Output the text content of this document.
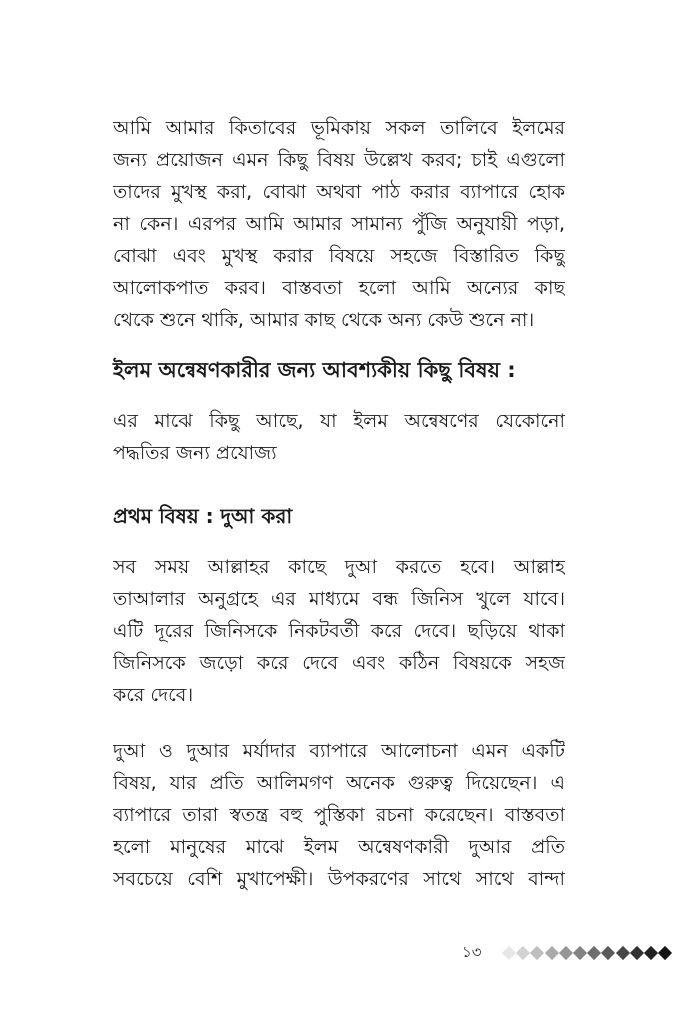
আমি আমার কিতাবের ভূমিকায় সকল তালিবে ইলমের
জন্য প্রয়োজন এমন কিছু বিষয় উল্লেখ করব; চাই এগুলো
তাদের মুখস্থ করা, বোঝা অথবা পাঠ করার ব্যাপারে হোক
না কেন। এরপর আমি আমার সামান্য পুঁজি অনুযায়ী পড়া,
বোঝা এবং মুখস্থ করার বিষয়ে সহজে বিস্তারিত কিছু
আলোকপাত করব। বাস্তবতা হলো আমি অন্যের কাছ
থেকে শুনে থাকি, আমার কাছ থেকে অন্য কেউ শুনে না।
ইলম অন্বেষণকারীর জন্য আবশ্যকীয় কিছু বিষয় :
এর মাঝে কিছু আছে, যা ইলম অন্বেষণের যেকোনো
পদ্ধতির জন্য প্রযোজ্য
প্রথম বিষয় : দুআ করা
সব সময় আল্লাহর কাছে দুআ করতে হবে। আল্লাহ
তাআলার অনুগ্রহে এর মাধ্যমে বন্ধ জিনিস খুলে যাবে।
এটি দূরের জিনিসকে নিকটবর্তী করে দেবে। ছড়িয়ে থাকা
জিনিসকে জড়ো করে দেবে এবং কঠিন বিষয়কে সহজ
করে দেবে।
দুআ ও দুআর মর্যাদার ব্যাপারে আলোচনা এমন একটি
বিষয়, যার প্রতি আলিমগণ অনেক গুরুত্ব দিয়েছেন। এ
ব্যাপারে তারা স্বতন্ত্র বহু পুস্তিকা রচনা করেছেন। বাস্তবতা
হলো মানুষের মাঝে ইলম অন্বেষণকারী দুআর প্রতি
সবচেয়ে বেশি মুখাপেক্ষী। উপকরণের সাথে সাথে বান্দা
১৩
